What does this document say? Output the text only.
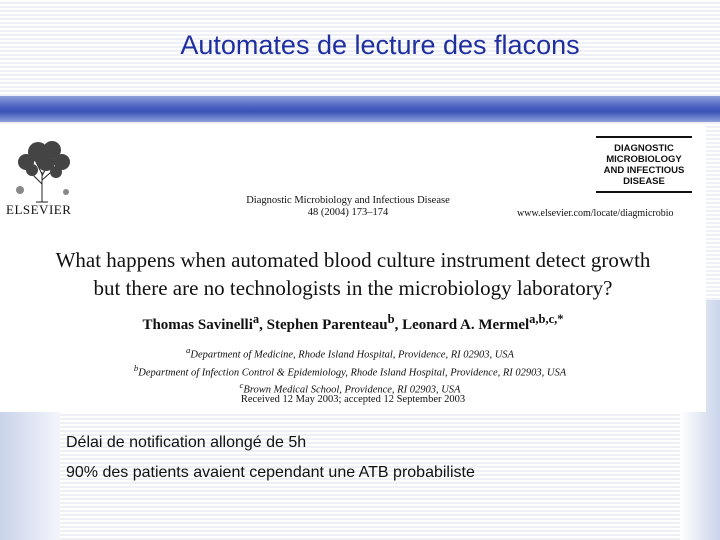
Automates de lecture des flacons
ELSEVIER
Diagnostic Microbiology and Infectious Disease
48 (2004) 173–174
DIAGNOSTIC
MICROBIOLOGY
AND INFECTIOUS
DISEASE
www.elsevier.com/locate/diagmicrobio
What happens when automated blood culture instrument detect growth
but there are no technologists in the microbiology laboratory?
Thomas Savinelli$^a$, Stephen Parenteau$^b$, Leonard A. Mermel$^{a,b,c,*}$
$^a$Department of Medicine, Rhode Island Hospital, Providence, RI 02903, USA
$^b$Department of Infection Control & Epidemiology, Rhode Island Hospital, Providence, RI 02903, USA
$^c$Brown Medical School, Providence, RI 02903, USA
Received 12 May 2003; accepted 12 September 2003
Délai de notification allongé de 5h
90% des patients avaient cependant une ATB probabiliste
